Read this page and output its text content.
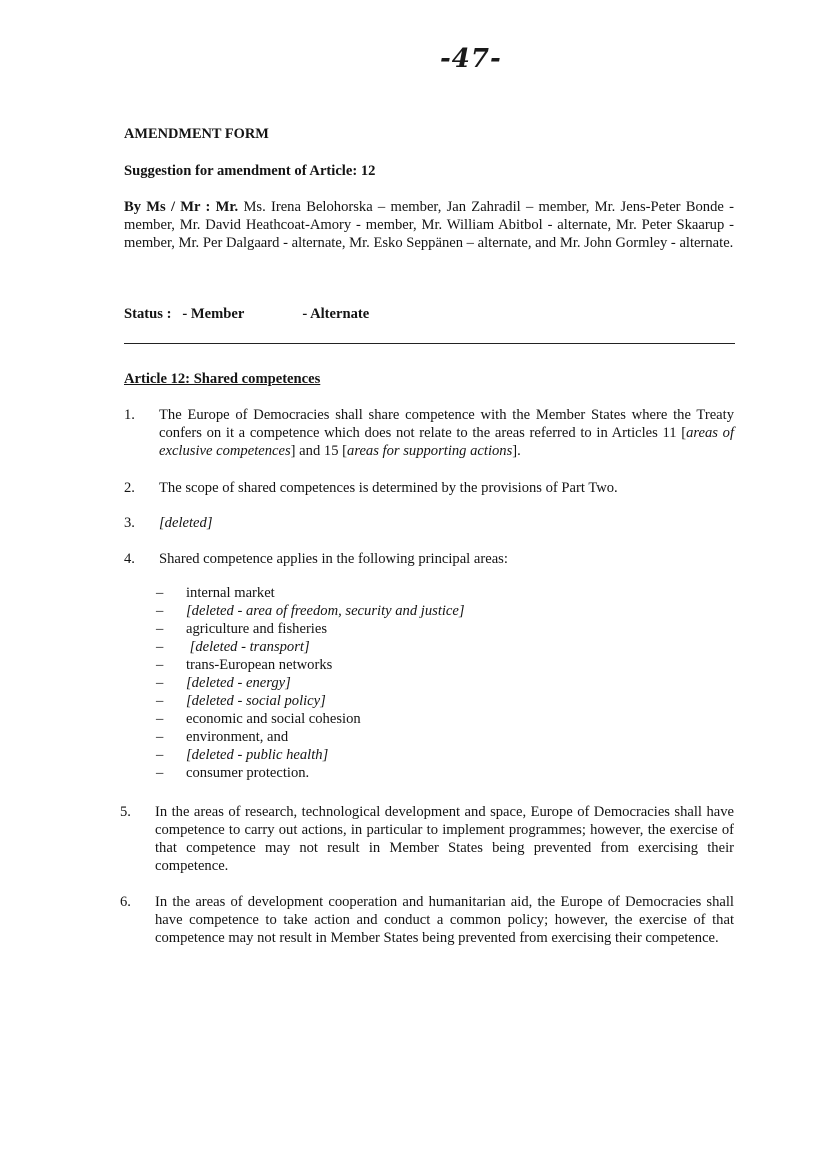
-47-
AMENDMENT FORM
Suggestion for amendment of Article: 12
By Ms / Mr : Mr. Ms. Irena Belohorska – member, Jan Zahradil – member, Mr. Jens-Peter Bonde - member, Mr. David Heathcoat-Amory - member, Mr. William Abitbol - alternate, Mr. Peter Skaarup - member, Mr. Per Dalgaard - alternate, Mr. Esko Seppänen – alternate, and Mr. John Gormley - alternate.
Status : - Member	- Alternate
Article 12: Shared competences
1. The Europe of Democracies shall share competence with the Member States where the Treaty confers on it a competence which does not relate to the areas referred to in Articles 11 [areas of exclusive competences] and 15 [areas for supporting actions].
2. The scope of shared competences is determined by the provisions of Part Two.
3. [deleted]
4. Shared competence applies in the following principal areas:
– internal market
– [deleted - area of freedom, security and justice]
– agriculture and fisheries
– [deleted - transport]
– trans-European networks
– [deleted - energy]
– [deleted - social policy]
– economic and social cohesion
– environment, and
– [deleted - public health]
– consumer protection.
5. In the areas of research, technological development and space, Europe of Democracies shall have competence to carry out actions, in particular to implement programmes; however, the exercise of that competence may not result in Member States being prevented from exercising their competence.
6. In the areas of development cooperation and humanitarian aid, the Europe of Democracies shall have competence to take action and conduct a common policy; however, the exercise of that competence may not result in Member States being prevented from exercising their competence.
